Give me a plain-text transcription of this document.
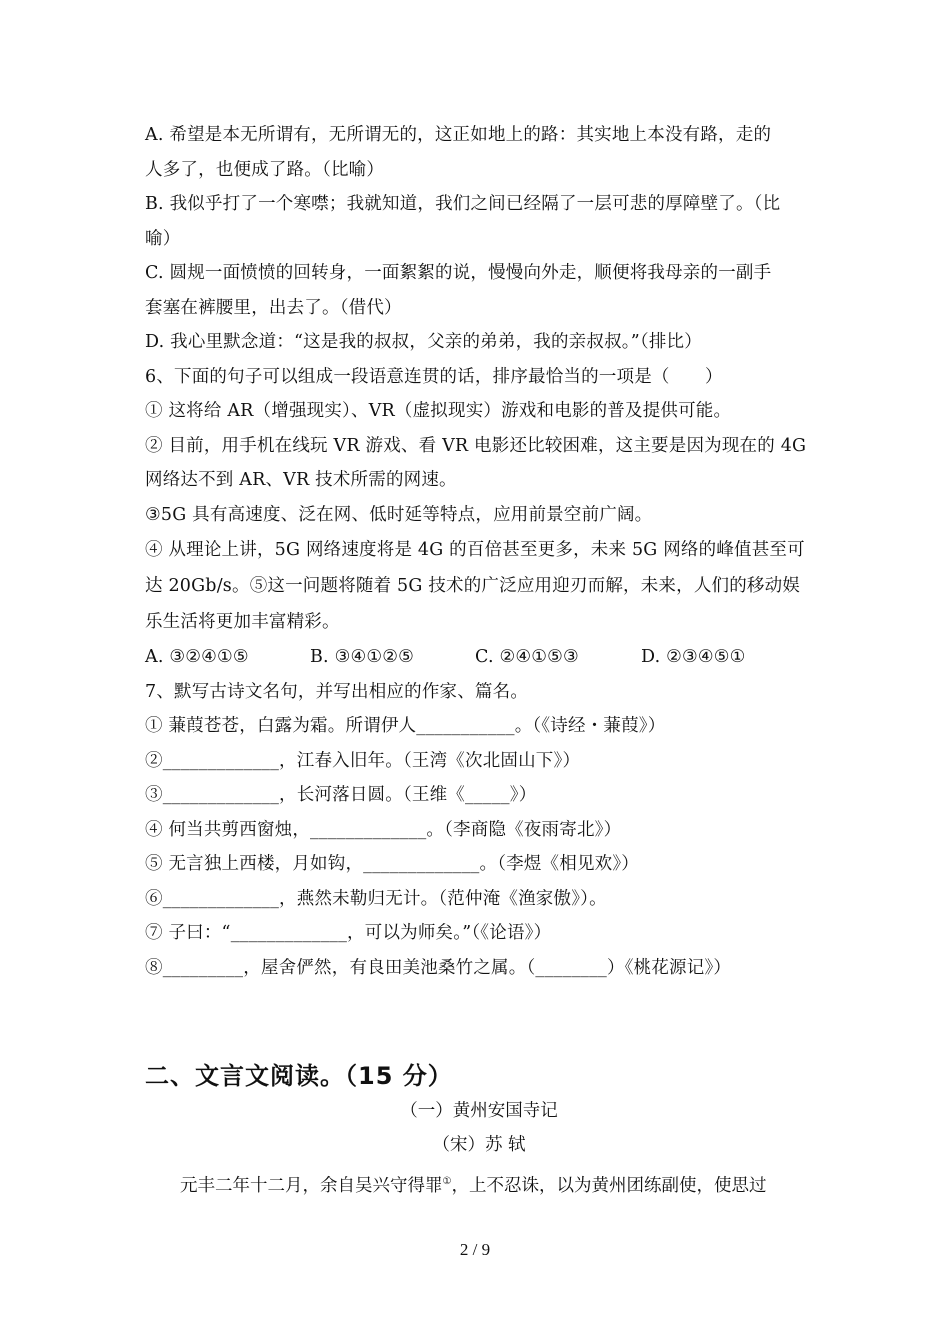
A. 希望是本无所谓有，无所谓无的，这正如地上的路：其实地上本没有路，走的
人多了，也便成了路。（比喻）
B. 我似乎打了一个寒噤；我就知道，我们之间已经隔了一层可悲的厚障壁了。（比
喻）
C. 圆规一面愤愤的回转身，一面絮絮的说，慢慢向外走，顺便将我母亲的一副手
套塞在裤腰里，出去了。（借代）
D. 我心里默念道：“这是我的叔叔，父亲的弟弟，我的亲叔叔。”（排比）
6、下面的句子可以组成一段语意连贯的话，排序最恰当的一项是（　　）
① 这将给 AR（增强现实）、VR（虚拟现实）游戏和电影的普及提供可能。
② 目前，用手机在线玩 VR 游戏、看 VR 电影还比较困难，这主要是因为现在的 4G
网络达不到 AR、VR 技术所需的网速。
③5G 具有高速度、泛在网、低时延等特点，应用前景空前广阔。
④ 从理论上讲，5G 网络速度将是 4G 的百倍甚至更多，未来 5G 网络的峰值甚至可
达 20Gb/s。⑤这一问题将随着 5G 技术的广泛应用迎刃而解，未来，人们的移动娱
乐生活将更加丰富精彩。
A. ③②④①⑤	B. ③④①②⑤	C. ②④①⑤③	D. ②③④⑤①
7、默写古诗文名句，并写出相应的作家、篇名。
① 蒹葭苍苍，白露为霜。所谓伊人___________。（《诗经・蒹葭》）
②_____________，江春入旧年。（王湾《次北固山下》）
③_____________，长河落日圆。（王维《_____》）
④ 何当共剪西窗烛，_____________。（李商隐《夜雨寄北》）
⑤ 无言独上西楼，月如钩，_____________。（李煜《相见欢》）
⑥_____________，燕然未勒归无计。（范仲淹《渔家傲》）。
⑦ 子曰：“_____________，可以为师矣。”（《论语》）
⑧_________，屋舍俨然，有良田美池桑竹之属。（________）《桃花源记》）
二、文言文阅读。（15 分）
（一）黄州安国寺记
（宋）苏 轼
元丰二年十二月，余自吴兴守得罪①，上不忍诛，以为黄州团练副使，使思过
2 / 9
